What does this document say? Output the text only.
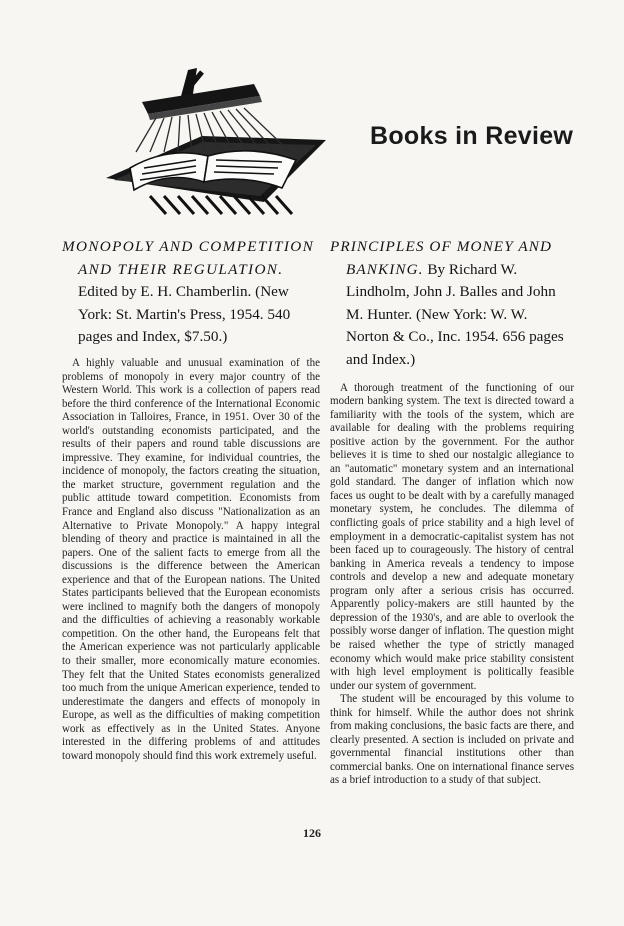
Books in Review

MONOPOLY AND COMPETITION AND THEIR REGULATION. Edited by E. H. Chamberlin. (New York: St. Martin's Press, 1954. 540 pages and Index, $7.50.)

A highly valuable and unusual examination of the problems of monopoly in every major country of the Western World. This work is a collection of papers read before the third conference of the International Economic Association in Talloires, France, in 1951. Over 30 of the world's outstanding economists participated, and the results of their papers and round table discussions are impressive. They examine, for individual countries, the incidence of monopoly, the factors creating the situation, the market structure, government regulation and the public attitude toward competition. Economists from France and England also discuss "Nationalization as an Alternative to Private Monopoly." A happy integral blending of theory and practice is maintained in all the papers. One of the salient facts to emerge from all the discussions is the difference between the American experience and that of the European nations. The United States participants believed that the European economists were inclined to magnify both the dangers of monopoly and the difficulties of achieving a reasonably workable competition. On the other hand, the Europeans felt that the American experience was not particularly applicable to their smaller, more economically mature economies. They felt that the United States economists generalized too much from the unique American experience, tended to underestimate the dangers and effects of monopoly in Europe, as well as the difficulties of making competition work as effectively as in the United States. Anyone interested in the differing problems of and attitudes toward monopoly should find this work extremely useful.

PRINCIPLES OF MONEY AND BANKING. By Richard W. Lindholm, John J. Balles and John M. Hunter. (New York: W. W. Norton & Co., Inc. 1954. 656 pages and Index.)

A thorough treatment of the functioning of our modern banking system. The text is directed toward a familiarity with the tools of the system, which are available for dealing with the problems requiring positive action by the government. For the author believes it is time to shed our nostalgic allegiance to an "automatic" monetary system and an international gold standard. The danger of inflation which now faces us ought to be dealt with by a carefully managed monetary system, he concludes. The dilemma of conflicting goals of price stability and a high level of employment in a democratic-capitalist system has not been faced up to courageously. The history of central banking in America reveals a tendency to impose controls and develop a new and adequate monetary program only after a serious crisis has occurred. Apparently policy-makers are still haunted by the depression of the 1930's, and are able to overlook the possibly worse danger of inflation. The question might be raised whether the type of strictly managed economy which would make price stability consistent with high level employment is politically feasible under our system of government.

The student will be encouraged by this volume to think for himself. While the author does not shrink from making conclusions, the basic facts are there, and clearly presented. A section is included on private and governmental financial institutions other than commercial banks. One on international finance serves as a brief introduction to a study of that subject.

126
